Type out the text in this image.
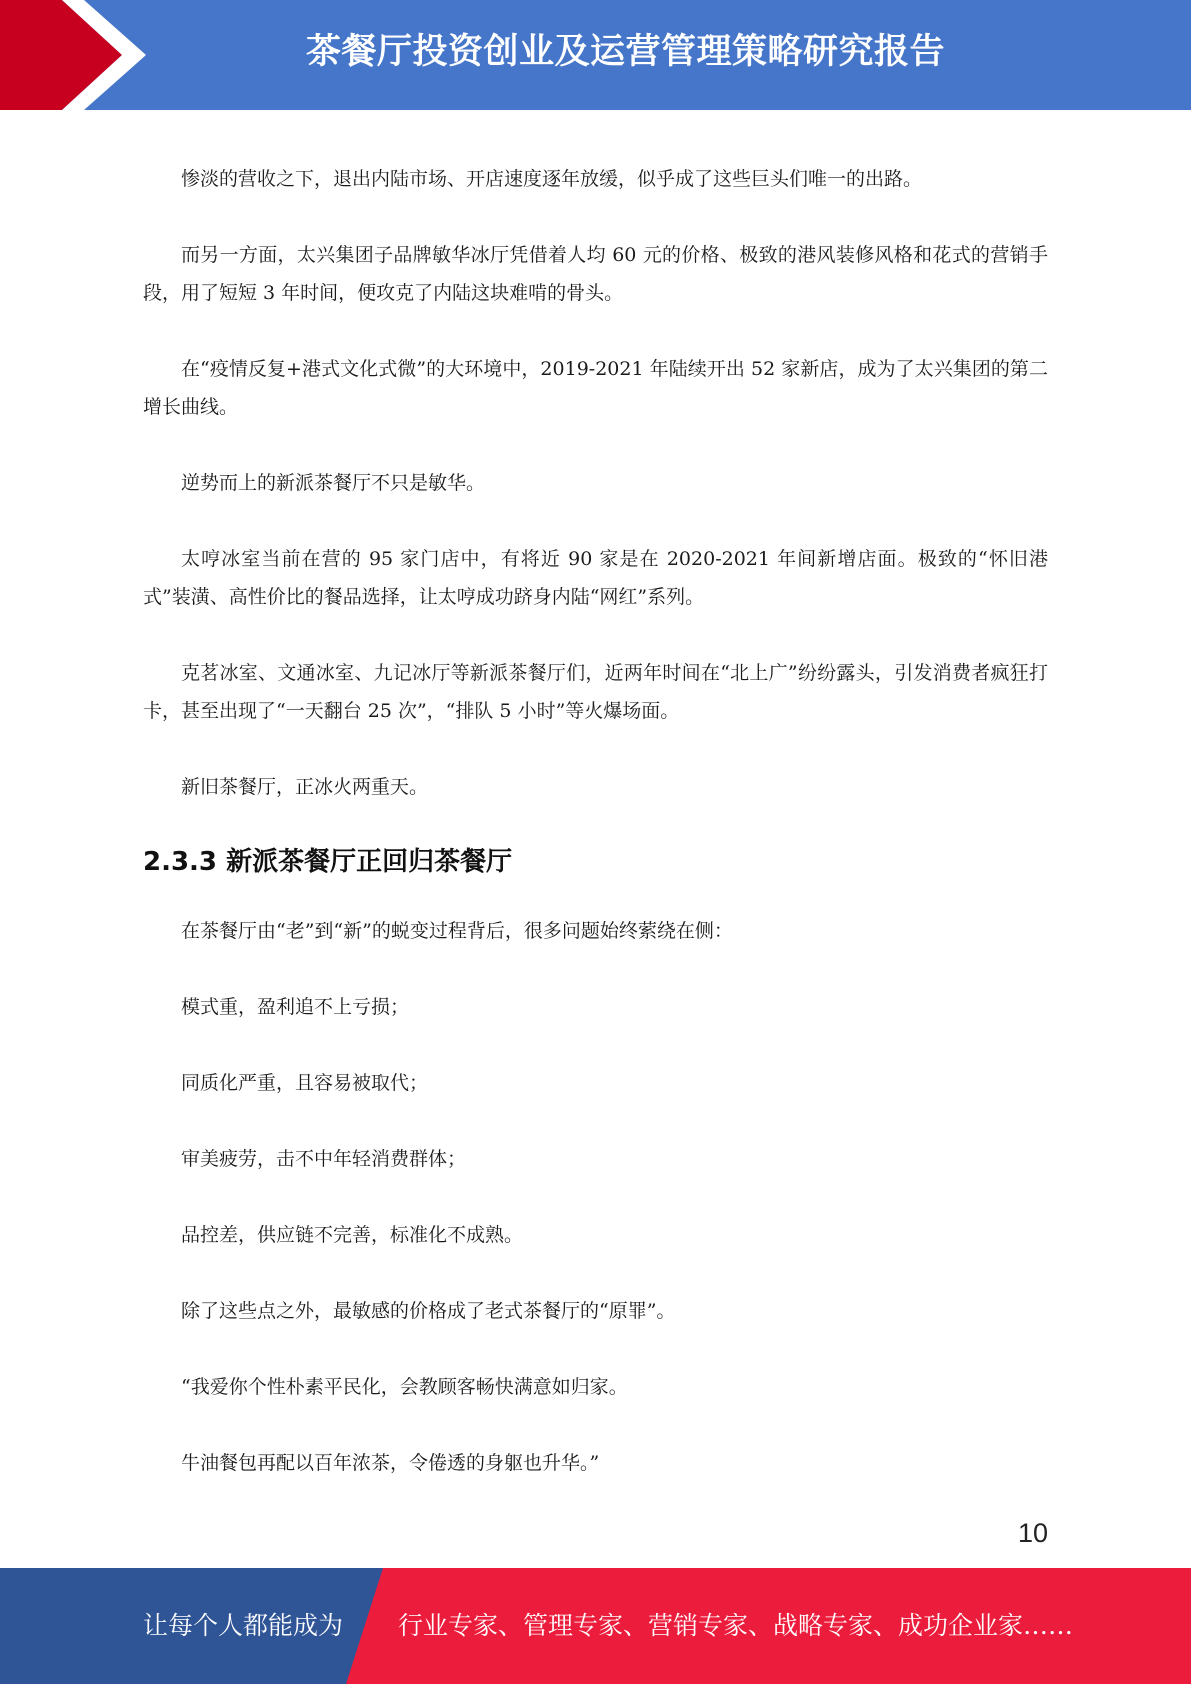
茶餐厅投资创业及运营管理策略研究报告

惨淡的营收之下，退出内陆市场、开店速度逐年放缓，似乎成了这些巨头们唯一的出路。

而另一方面，太兴集团子品牌敏华冰厅凭借着人均 60 元的价格、极致的港风装修风格和花式的营销手段，用了短短 3 年时间，便攻克了内陆这块难啃的骨头。

在“疫情反复+港式文化式微”的大环境中，2019-2021 年陆续开出 52 家新店，成为了太兴集团的第二增长曲线。

逆势而上的新派茶餐厅不只是敏华。

太哼冰室当前在营的 95 家门店中，有将近 90 家是在 2020-2021 年间新增店面。极致的“怀旧港式”装潢、高性价比的餐品选择，让太哼成功跻身内陆“网红”系列。

克茗冰室、文通冰室、九记冰厅等新派茶餐厅们，近两年时间在“北上广”纷纷露头，引发消费者疯狂打卡，甚至出现了“一天翻台 25 次”，“排队 5 小时”等火爆场面。

新旧茶餐厅，正冰火两重天。

2.3.3 新派茶餐厅正回归茶餐厅

在茶餐厅由“老”到“新”的蜕变过程背后，很多问题始终萦绕在侧：

模式重，盈利追不上亏损；

同质化严重，且容易被取代；

审美疲劳，击不中年轻消费群体；

品控差，供应链不完善，标准化不成熟。

除了这些点之外，最敏感的价格成了老式茶餐厅的“原罪”。

“我爱你个性朴素平民化，会教顾客畅快满意如归家。

牛油餐包再配以百年浓茶，令倦透的身躯也升华。”

10
让每个人都能成为 行业专家、管理专家、营销专家、战略专家、成功企业家……
